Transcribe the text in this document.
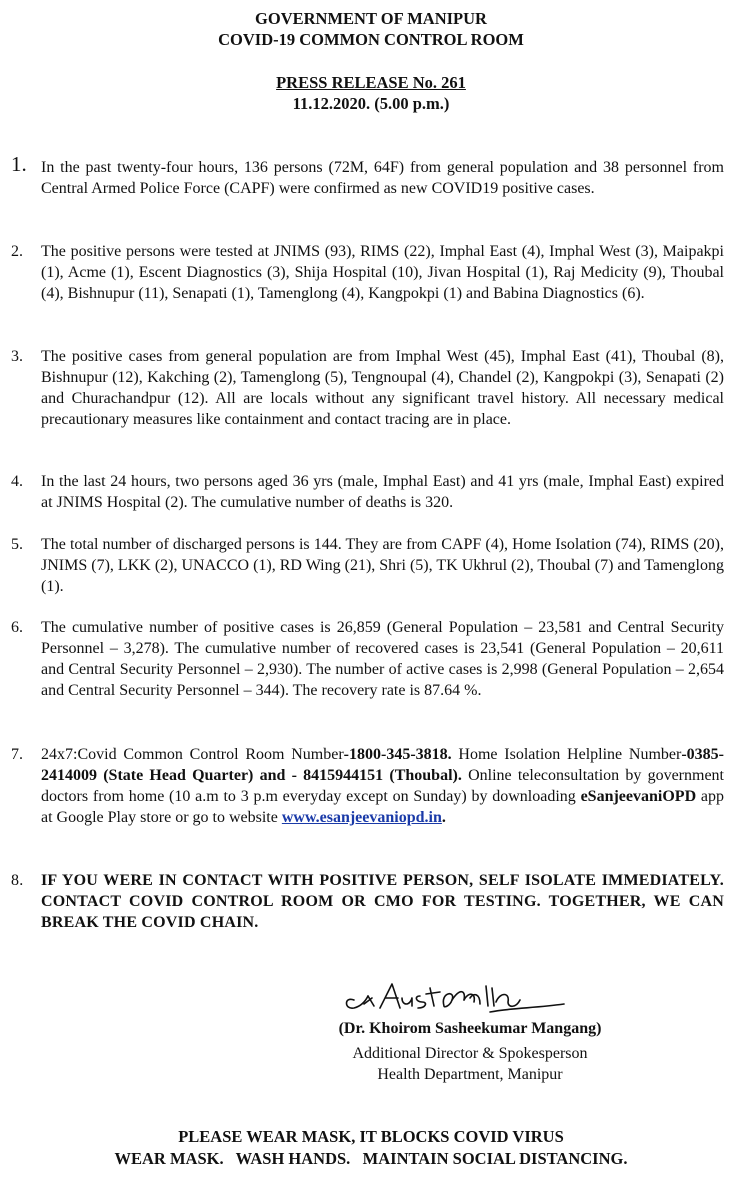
GOVERNMENT OF MANIPUR
COVID-19 COMMON CONTROL ROOM
PRESS RELEASE No. 261
11.12.2020. (5.00 p.m.)
1. In the past twenty-four hours, 136 persons (72M, 64F) from general population and 38 personnel from Central Armed Police Force (CAPF) were confirmed as new COVID19 positive cases.
2. The positive persons were tested at JNIMS (93), RIMS (22), Imphal East (4), Imphal West (3), Maipakpi (1), Acme (1), Escent Diagnostics (3), Shija Hospital (10), Jivan Hospital (1), Raj Medicity (9), Thoubal (4), Bishnupur (11), Senapati (1), Tamenglong (4), Kangpokpi (1) and Babina Diagnostics (6).
3. The positive cases from general population are from Imphal West (45), Imphal East (41), Thoubal (8), Bishnupur (12), Kakching (2), Tamenglong (5), Tengnoupal (4), Chandel (2), Kangpokpi (3), Senapati (2) and Churachandpur (12). All are locals without any significant travel history. All necessary medical precautionary measures like containment and contact tracing are in place.
4. In the last 24 hours, two persons aged 36 yrs (male, Imphal East) and 41 yrs (male, Imphal East) expired at JNIMS Hospital (2). The cumulative number of deaths is 320.
5. The total number of discharged persons is 144. They are from CAPF (4), Home Isolation (74), RIMS (20), JNIMS (7), LKK (2), UNACCO (1), RD Wing (21), Shri (5), TK Ukhrul (2), Thoubal (7) and Tamenglong (1).
6. The cumulative number of positive cases is 26,859 (General Population – 23,581 and Central Security Personnel – 3,278). The cumulative number of recovered cases is 23,541 (General Population – 20,611 and Central Security Personnel – 2,930). The number of active cases is 2,998 (General Population – 2,654 and Central Security Personnel – 344). The recovery rate is 87.64 %.
7. 24x7:Covid Common Control Room Number-1800-345-3818. Home Isolation Helpline Number-0385-2414009 (State Head Quarter) and - 8415944151 (Thoubal). Online teleconsultation by government doctors from home (10 a.m to 3 p.m everyday except on Sunday) by downloading eSanjeevaniOPD app at Google Play store or go to website www.esanjeevaniopd.in.
8. IF YOU WERE IN CONTACT WITH POSITIVE PERSON, SELF ISOLATE IMMEDIATELY. CONTACT COVID CONTROL ROOM OR CMO FOR TESTING. TOGETHER, WE CAN BREAK THE COVID CHAIN.
(Dr. Khoirom Sasheekumar Mangang)
Additional Director & Spokesperson
Health Department, Manipur
PLEASE WEAR MASK, IT BLOCKS COVID VIRUS
WEAR MASK.   WASH HANDS.   MAINTAIN SOCIAL DISTANCING.
